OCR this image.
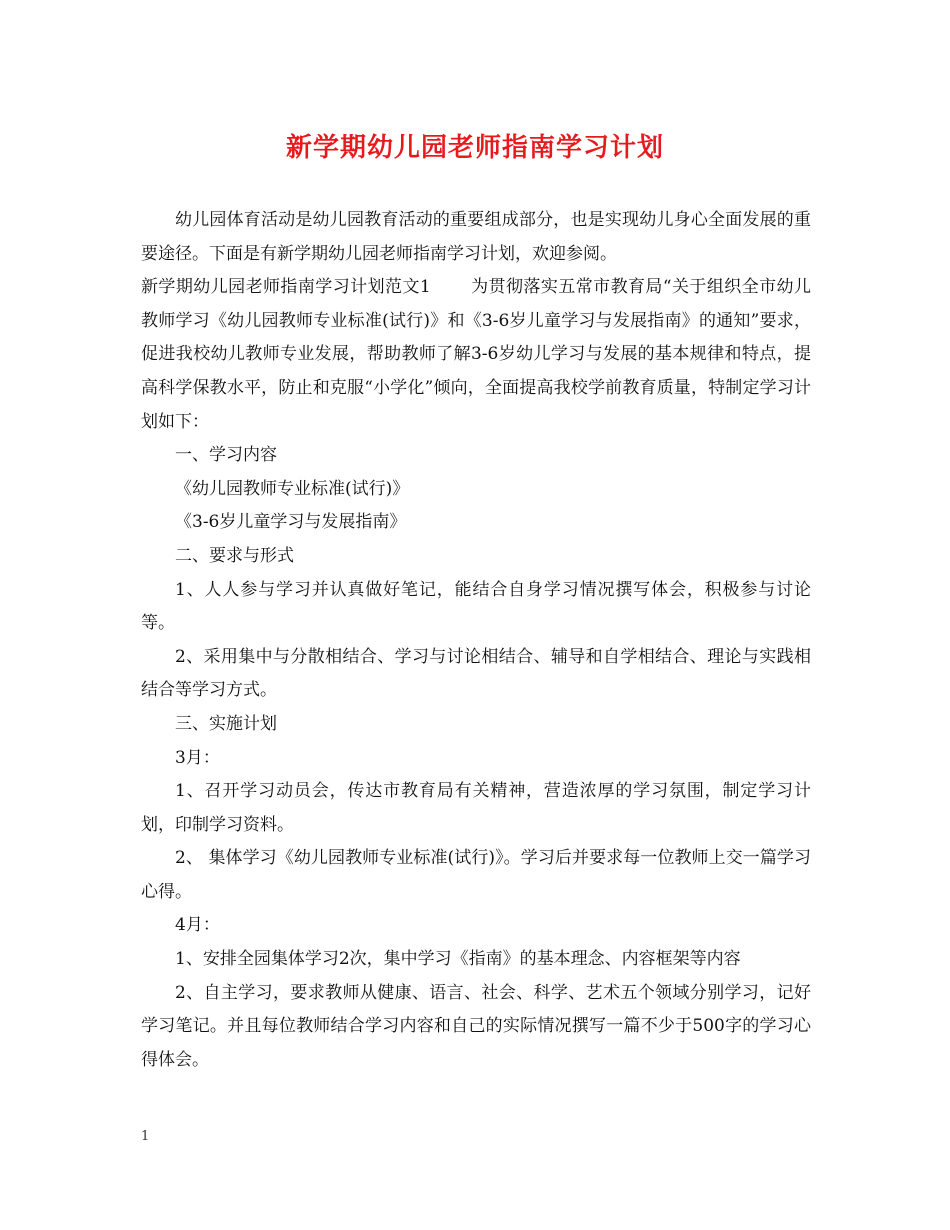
新学期幼儿园老师指南学习计划

幼儿园体育活动是幼儿园教育活动的重要组成部分，也是实现幼儿身心全面发展的重要途径。下面是有新学期幼儿园老师指南学习计划，欢迎参阅。

新学期幼儿园老师指南学习计划范文1 为贯彻落实五常市教育局“关于组织全市幼儿教师学习《幼儿园教师专业标准(试行)》和《3-6岁儿童学习与发展指南》的通知”要求，促进我校幼儿教师专业发展，帮助教师了解3-6岁幼儿学习与发展的基本规律和特点，提高科学保教水平，防止和克服“小学化”倾向，全面提高我校学前教育质量，特制定学习计划如下：

一、学习内容

《幼儿园教师专业标准(试行)》

《3-6岁儿童学习与发展指南》

二、要求与形式

1、人人参与学习并认真做好笔记，能结合自身学习情况撰写体会，积极参与讨论等。

2、采用集中与分散相结合、学习与讨论相结合、辅导和自学相结合、理论与实践相结合等学习方式。

三、实施计划

3月：

1、召开学习动员会，传达市教育局有关精神，营造浓厚的学习氛围，制定学习计划，印制学习资料。

2、 集体学习《幼儿园教师专业标准(试行)》。学习后并要求每一位教师上交一篇学习心得。

4月：

1、安排全园集体学习2次，集中学习《指南》的基本理念、内容框架等内容

2、自主学习，要求教师从健康、语言、社会、科学、艺术五个领域分别学习，记好学习笔记。并且每位教师结合学习内容和自己的实际情况撰写一篇不少于500字的学习心得体会。

1
